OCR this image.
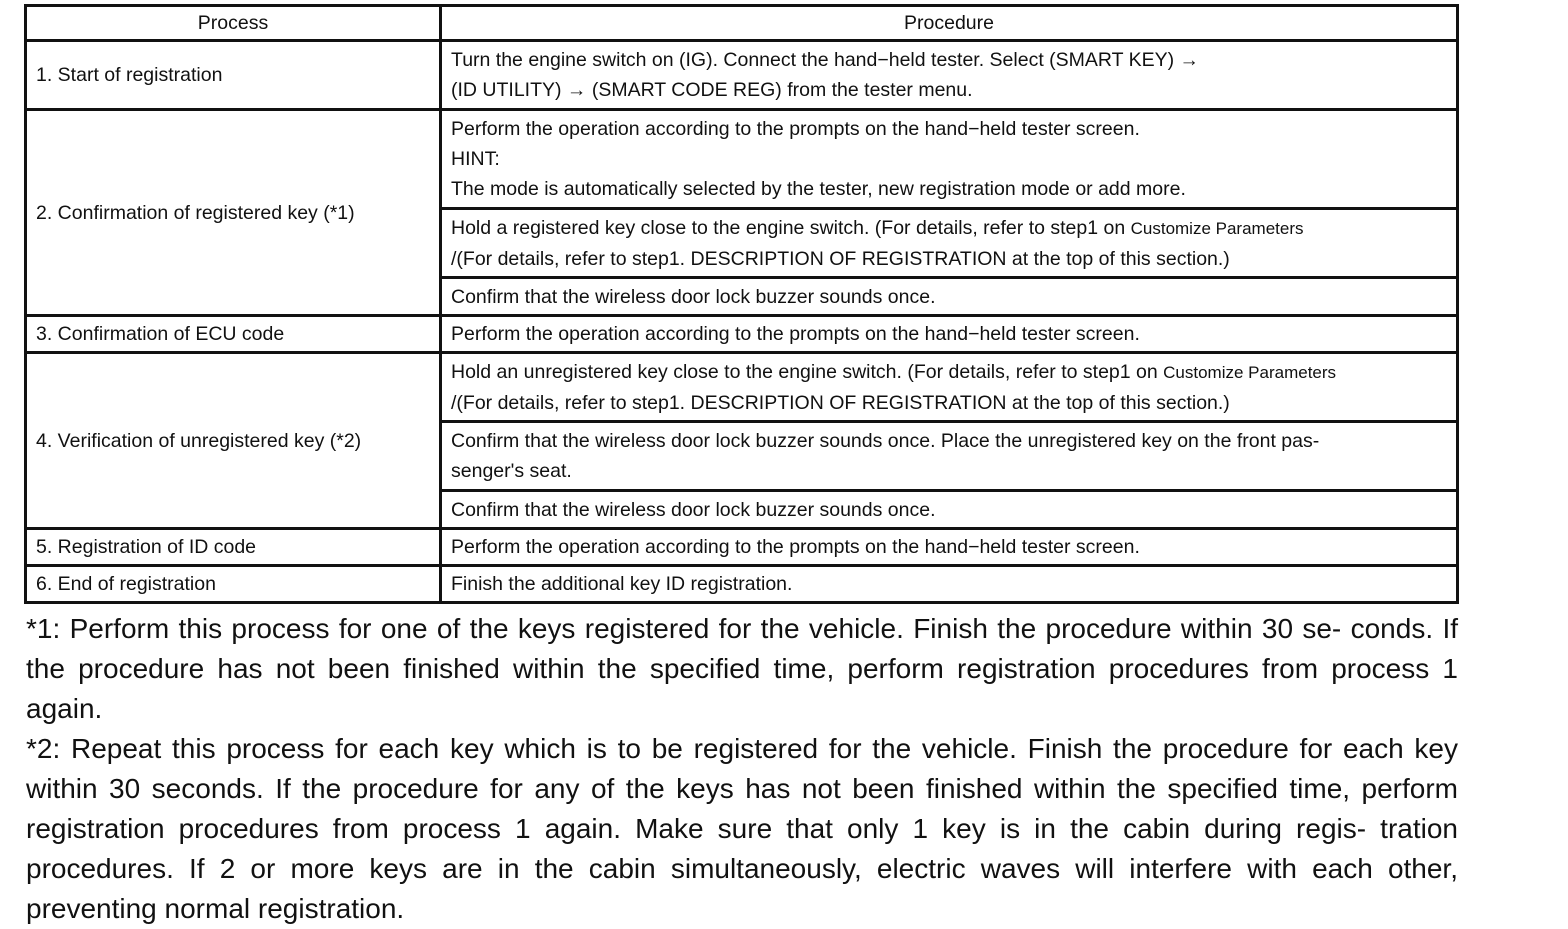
Process	Procedure
1. Start of registration	Turn the engine switch on (IG). Connect the hand−held tester. Select (SMART KEY) →
(ID UTILITY) → (SMART CODE REG) from the tester menu.

2. Confirmation of registered key (*1)	Perform the operation according to the prompts on the hand−held tester screen.
HINT:
The mode is automatically selected by the tester, new registration mode or add more.

	Hold a registered key close to the engine switch. (For details, refer to step1 on Customize Parameters
/(For details, refer to step1. DESCRIPTION OF REGISTRATION at the top of this section.)

	Confirm that the wireless door lock buzzer sounds once.
3. Confirmation of ECU code	Perform the operation according to the prompts on the hand−held tester screen.
4. Verification of unregistered key (*2)	Hold an unregistered key close to the engine switch. (For details, refer to step1 on Customize Parameters
/(For details, refer to step1. DESCRIPTION OF REGISTRATION at the top of this section.)

	Confirm that the wireless door lock buzzer sounds once. Place the unregistered key on the front pas-
senger's seat.

	Confirm that the wireless door lock buzzer sounds once.
5. Registration of ID code	Perform the operation according to the prompts on the hand−held tester screen.
6. End of registration	Finish the additional key ID registration.

*1: Perform this process for one of the keys registered for the vehicle. Finish the procedure within 30 se- conds. If the procedure has not been finished within the specified time, perform registration procedures from process 1 again.

*2: Repeat this process for each key which is to be registered for the vehicle. Finish the procedure for each key within 30 seconds. If the procedure for any of the keys has not been finished within the specified time, perform registration procedures from process 1 again. Make sure that only 1 key is in the cabin during regis- tration procedures. If 2 or more keys are in the cabin simultaneously, electric waves will interfere with each other, preventing normal registration.
